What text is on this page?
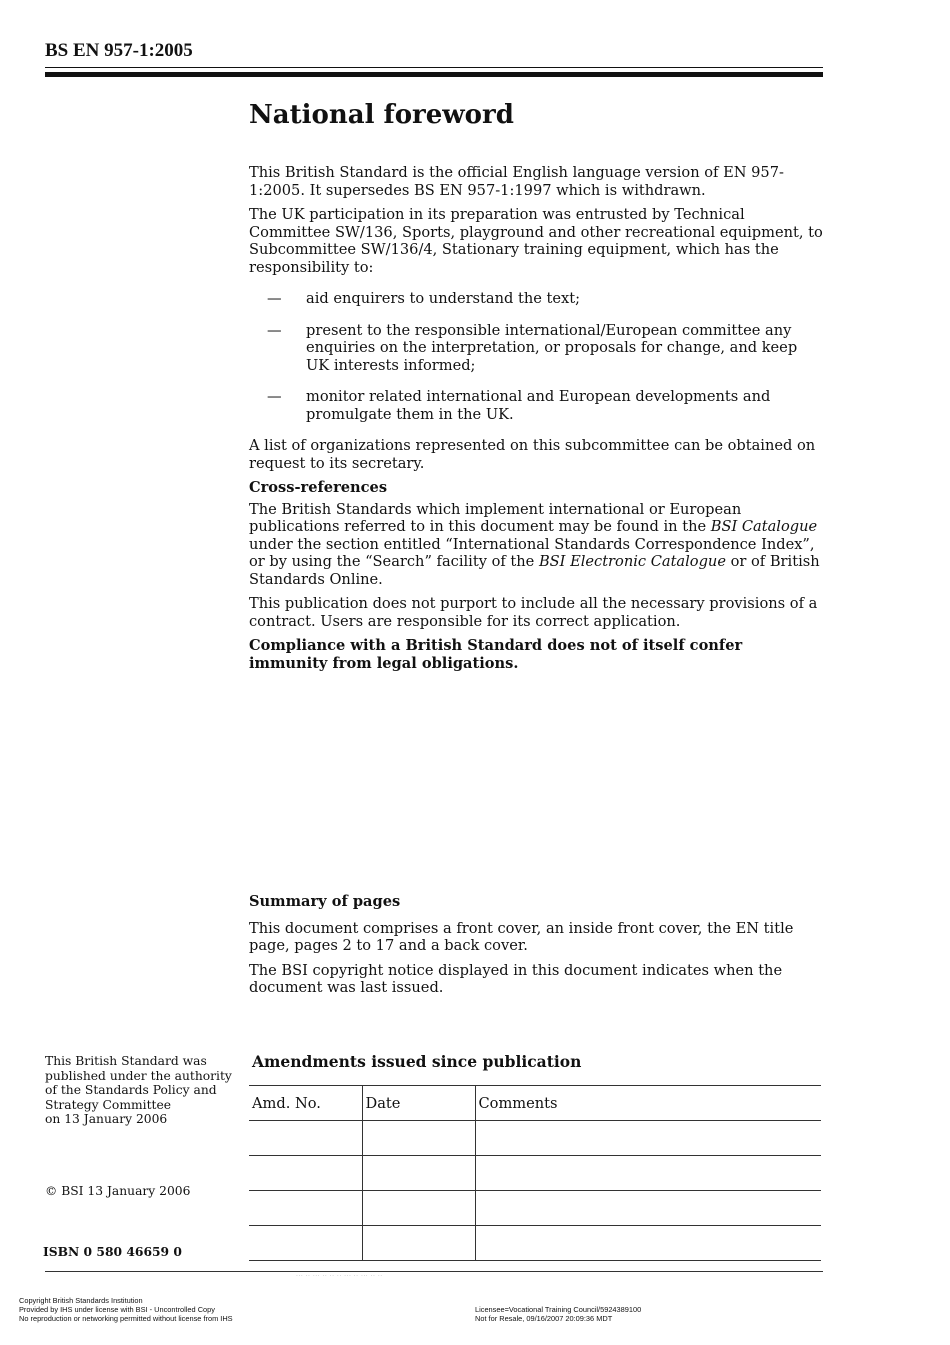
BS EN 957-1:2005
National foreword

This British Standard is the official English language version of EN 957-1:2005. It supersedes BS EN 957-1:1997 which is withdrawn.

The UK participation in its preparation was entrusted by Technical Committee SW/136, Sports, playground and other recreational equipment, to Subcommittee SW/136/4, Stationary training equipment, which has the responsibility to:

— aid enquirers to understand the text;
— present to the responsible international/European committee any enquiries on the interpretation, or proposals for change, and keep UK interests informed;
— monitor related international and European developments and promulgate them in the UK.

A list of organizations represented on this subcommittee can be obtained on request to its secretary.

Cross-references

The British Standards which implement international or European publications referred to in this document may be found in the BSI Catalogue under the section entitled “International Standards Correspondence Index”, or by using the “Search” facility of the BSI Electronic Catalogue or of British Standards Online.

This publication does not purport to include all the necessary provisions of a contract. Users are responsible for its correct application.

Compliance with a British Standard does not of itself confer immunity from legal obligations.

Summary of pages

This document comprises a front cover, an inside front cover, the EN title page, pages 2 to 17 and a back cover.

The BSI copyright notice displayed in this document indicates when the document was last issued.

This British Standard was
published under the authority
of the Standards Policy and
Strategy Committee
on 13 January 2006
© BSI 13 January 2006
ISBN 0 580 46659 0
Amendments issued since publication
Amd. No.	Date	Comments

··· ·· ··· ·· ·· ·· ··· ·· ··· ·· ··
Copyright British Standards Institution
Provided by IHS under license with BSI - Uncontrolled Copy
No reproduction or networking permitted without license from IHS
Licensee=Vocational Training Council/5924389100
Not for Resale, 09/16/2007 20:09:36 MDT
